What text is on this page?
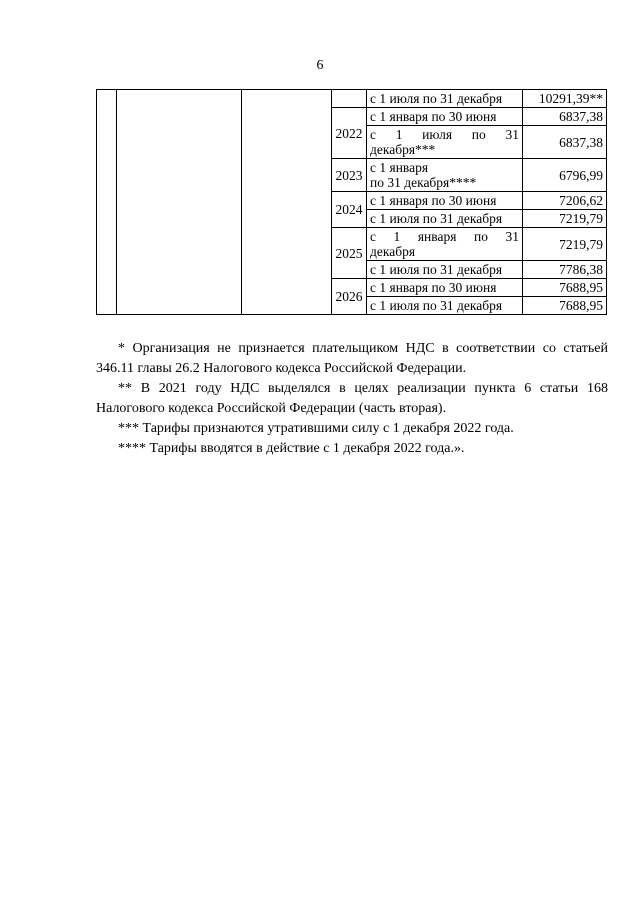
6
				с 1 июля по 31 декабря	10291,39**
			2022	с 1 января по 30 июня	6837,38

				с 1 июля по 31
декабря***	6837,38
			2023	с 1 января
по 31 декабря****	6796,99
			2024	с 1 января по 30 июня	7206,62
				с 1 июля по 31 декабря	7219,79
			2025	с 1 января по 31
декабря	7219,79
				с 1 июля по 31 декабря	7786,38
			2026	с 1 января по 30 июня	7688,95
				с 1 июля по 31 декабря	7688,95

* Организация не признается плательщиком НДС в соответствии со статьей 346.11 главы 26.2 Налогового кодекса Российской Федерации.

** В 2021 году НДС выделялся в целях реализации пункта 6 статьи 168 Налогового кодекса Российской Федерации (часть вторая).

*** Тарифы признаются утратившими силу с 1 декабря 2022 года.

**** Тарифы вводятся в действие с 1 декабря 2022 года.».
